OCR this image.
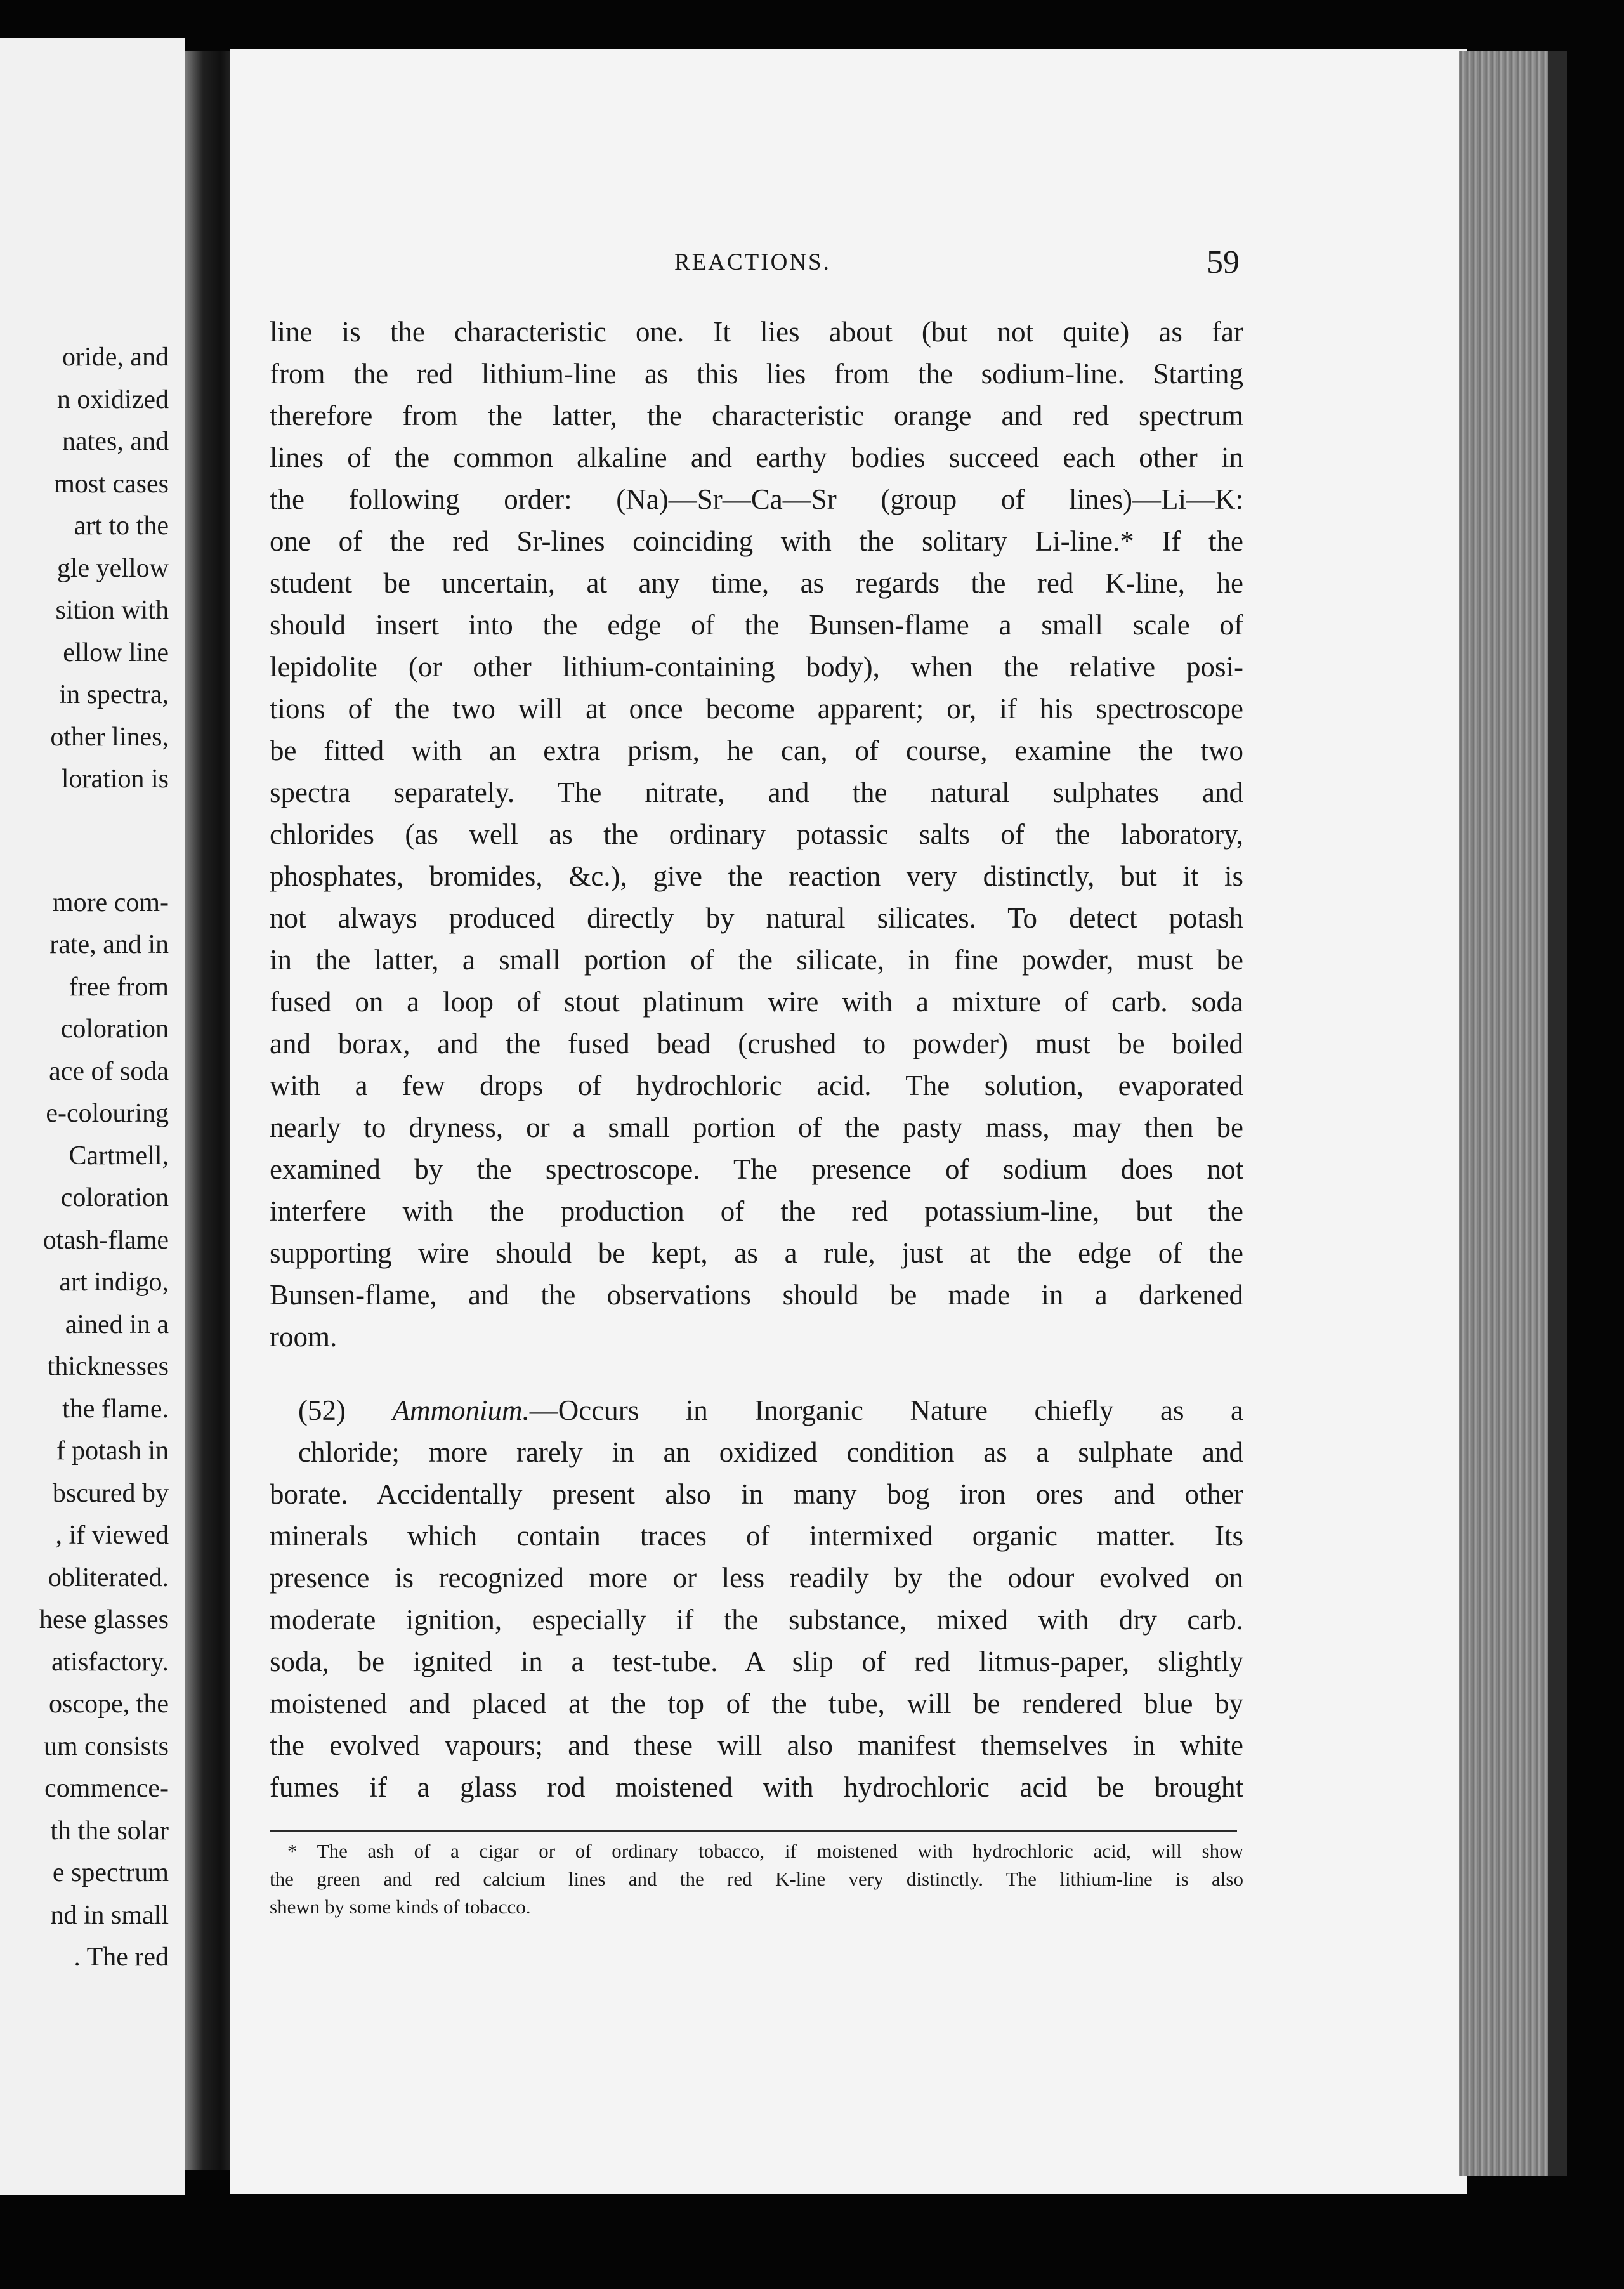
oride, and
n oxidized
nates, and
most cases
art to the
gle yellow
sition with
ellow line
in spectra,
other lines,
loration is
more com-
rate, and in
free from
coloration
ace of soda
e-colouring
Cartmell,
coloration
otash-flame
art indigo,
ained in a
thicknesses
the flame.
f potash in
bscured by
, if viewed
obliterated.
hese glasses
atisfactory.
oscope, the
um consists
commence-
th the solar
e spectrum
nd in small
. The red
REACTIONS.	59
line is the characteristic one. It lies about (but not quite) as far
from the red lithium-line as this lies from the sodium-line. Starting
therefore from the latter, the characteristic orange and red spectrum
lines of the common alkaline and earthy bodies succeed each other in
the following order: (Na)—Sr—Ca—Sr (group of lines)—Li—K:
one of the red Sr-lines coinciding with the solitary Li-line.* If the
student be uncertain, at any time, as regards the red K-line, he
should insert into the edge of the Bunsen-flame a small scale of
lepidolite (or other lithium-containing body), when the relative posi-
tions of the two will at once become apparent; or, if his spectroscope
be fitted with an extra prism, he can, of course, examine the two
spectra separately. The nitrate, and the natural sulphates and
chlorides (as well as the ordinary potassic salts of the laboratory,
phosphates, bromides, &c.), give the reaction very distinctly, but it is
not always produced directly by natural silicates. To detect potash
in the latter, a small portion of the silicate, in fine powder, must be
fused on a loop of stout platinum wire with a mixture of carb. soda
and borax, and the fused bead (crushed to powder) must be boiled
with a few drops of hydrochloric acid. The solution, evaporated
nearly to dryness, or a small portion of the pasty mass, may then be
examined by the spectroscope. The presence of sodium does not
interfere with the production of the red potassium-line, but the
supporting wire should be kept, as a rule, just at the edge of the
Bunsen-flame, and the observations should be made in a darkened
room.
(52) Ammonium.—Occurs in Inorganic Nature chiefly as a
chloride; more rarely in an oxidized condition as a sulphate and
borate. Accidentally present also in many bog iron ores and other
minerals which contain traces of intermixed organic matter. Its
presence is recognized more or less readily by the odour evolved on
moderate ignition, especially if the substance, mixed with dry carb.
soda, be ignited in a test-tube. A slip of red litmus-paper, slightly
moistened and placed at the top of the tube, will be rendered blue by
the evolved vapours; and these will also manifest themselves in white
fumes if a glass rod moistened with hydrochloric acid be brought
* The ash of a cigar or of ordinary tobacco, if moistened with hydrochloric acid, will show
the green and red calcium lines and the red K-line very distinctly. The lithium-line is also
shewn by some kinds of tobacco.
